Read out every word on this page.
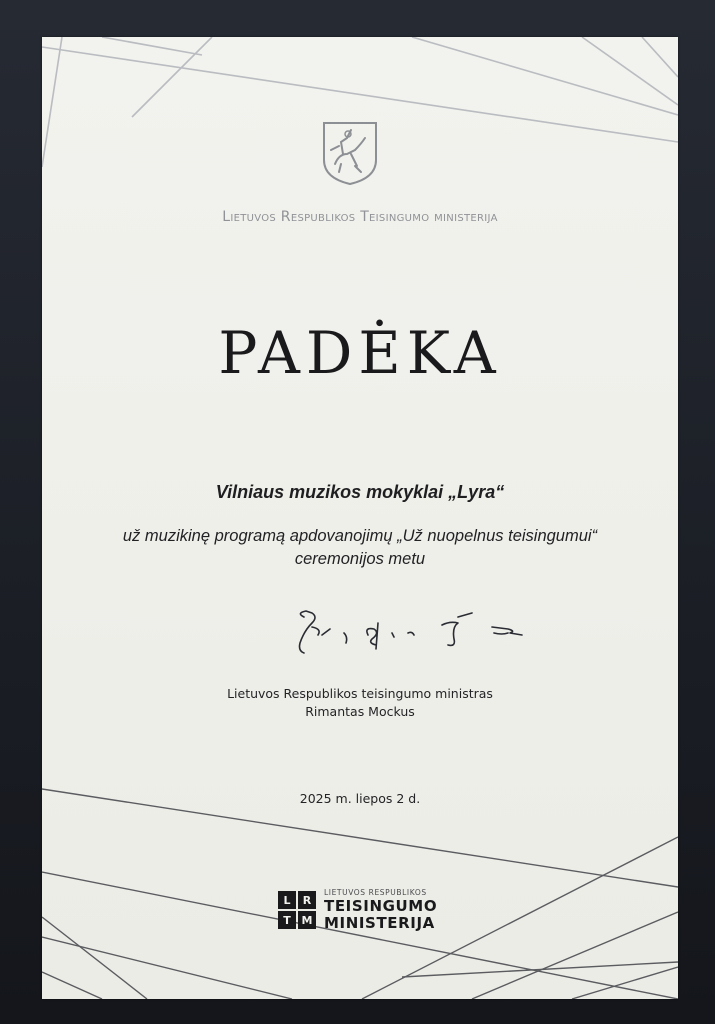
Lietuvos Respublikos Teisingumo ministerija
PADĖKA
Vilniaus muzikos mokyklai „Lyra“
už muzikinę programą apdovanojimų „Už nuopelnus teisingumui“
ceremonijos metu
Lietuvos Respublikos teisingumo ministras
Rimantas Mockus
2025 m. liepos 2 d.
L	R
T M
LIETUVOS RESPUBLIKOS
TEISINGUMO
MINISTERIJA
